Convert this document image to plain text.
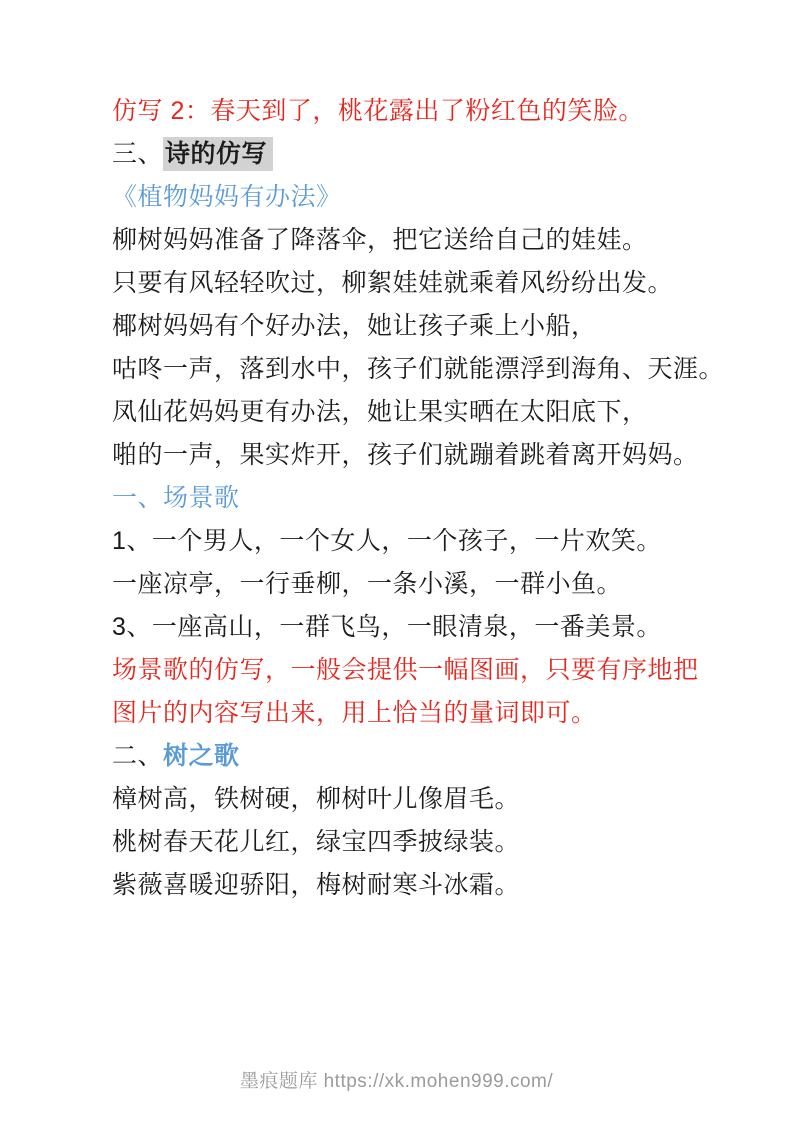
仿写 2：春天到了，桃花露出了粉红色的笑脸。

三、诗的仿写
《植物妈妈有办法》

柳树妈妈准备了降落伞，把它送给自己的娃娃。

只要有风轻轻吹过，柳絮娃娃就乘着风纷纷出发。

椰树妈妈有个好办法，她让孩子乘上小船，

咕咚一声，落到水中，孩子们就能漂浮到海角、天涯。

凤仙花妈妈更有办法，她让果实晒在太阳底下，

啪的一声，果实炸开，孩子们就蹦着跳着离开妈妈。

一、场景歌

1、一个男人，一个女人，一个孩子，一片欢笑。

一座凉亭，一行垂柳，一条小溪，一群小鱼。

3、一座高山，一群飞鸟，一眼清泉，一番美景。

场景歌的仿写，一般会提供一幅图画，只要有序地把

图片的内容写出来，用上恰当的量词即可。

二、树之歌

樟树高，铁树硬，柳树叶儿像眉毛。

桃树春天花儿红，绿宝四季披绿装。

紫薇喜暖迎骄阳，梅树耐寒斗冰霜。

墨痕题库 https://xk.mohen999.com/
